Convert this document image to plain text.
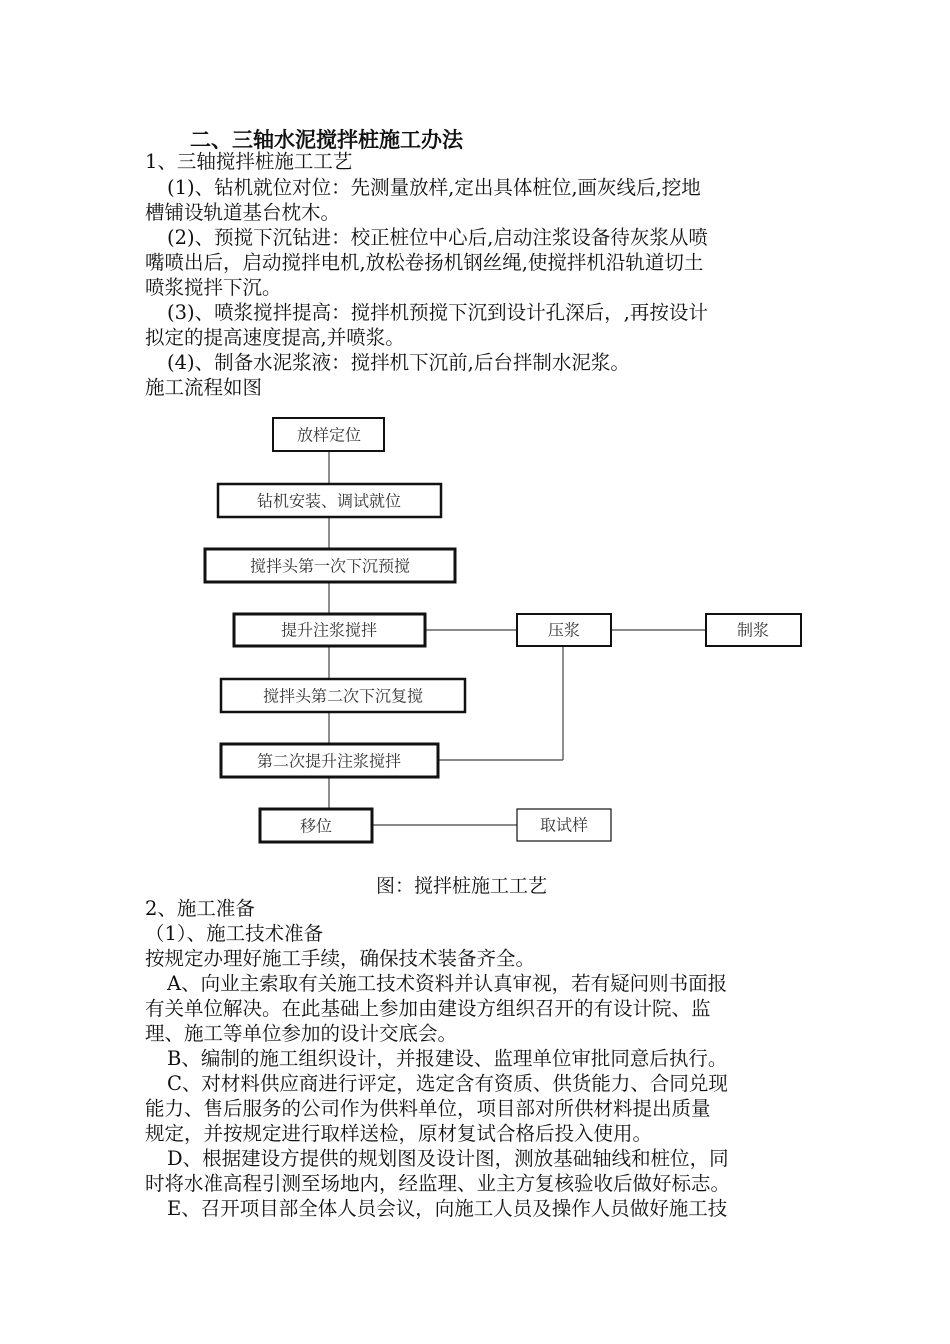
二、三轴水泥搅拌桩施工办法
1、三轴搅拌桩施工工艺
(1)、钻机就位对位：先测量放样,定出具体桩位,画灰线后,挖地
槽铺设轨道基台枕木。
(2)、预搅下沉钻进：校正桩位中心后,启动注浆设备待灰浆从喷
嘴喷出后，启动搅拌电机,放松卷扬机钢丝绳,使搅拌机沿轨道切土
喷浆搅拌下沉。
(3)、喷浆搅拌提高：搅拌机预搅下沉到设计孔深后，,再按设计
拟定的提高速度提高,并喷浆。
(4)、制备水泥浆液：搅拌机下沉前,后台拌制水泥浆。
施工流程如图
放样定位
钻机安装、调试就位
搅拌头第一次下沉预搅
提升注浆搅拌	压浆	制浆
搅拌头第二次下沉复搅
第二次提升注浆搅拌
移位	取试样
图：搅拌桩施工工艺
2、施工准备
（1）、施工技术准备
按规定办理好施工手续，确保技术装备齐全。
A、向业主索取有关施工技术资料并认真审视，若有疑问则书面报
有关单位解决。在此基础上参加由建设方组织召开的有设计院、监
理、施工等单位参加的设计交底会。
B、编制的施工组织设计，并报建设、监理单位审批同意后执行。
C、对材料供应商进行评定，选定含有资质、供货能力、合同兑现
能力、售后服务的公司作为供料单位，项目部对所供材料提出质量
规定，并按规定进行取样送检，原材复试合格后投入使用。
D、根据建设方提供的规划图及设计图，测放基础轴线和桩位，同
时将水准高程引测至场地内，经监理、业主方复核验收后做好标志。
E、召开项目部全体人员会议，向施工人员及操作人员做好施工技
